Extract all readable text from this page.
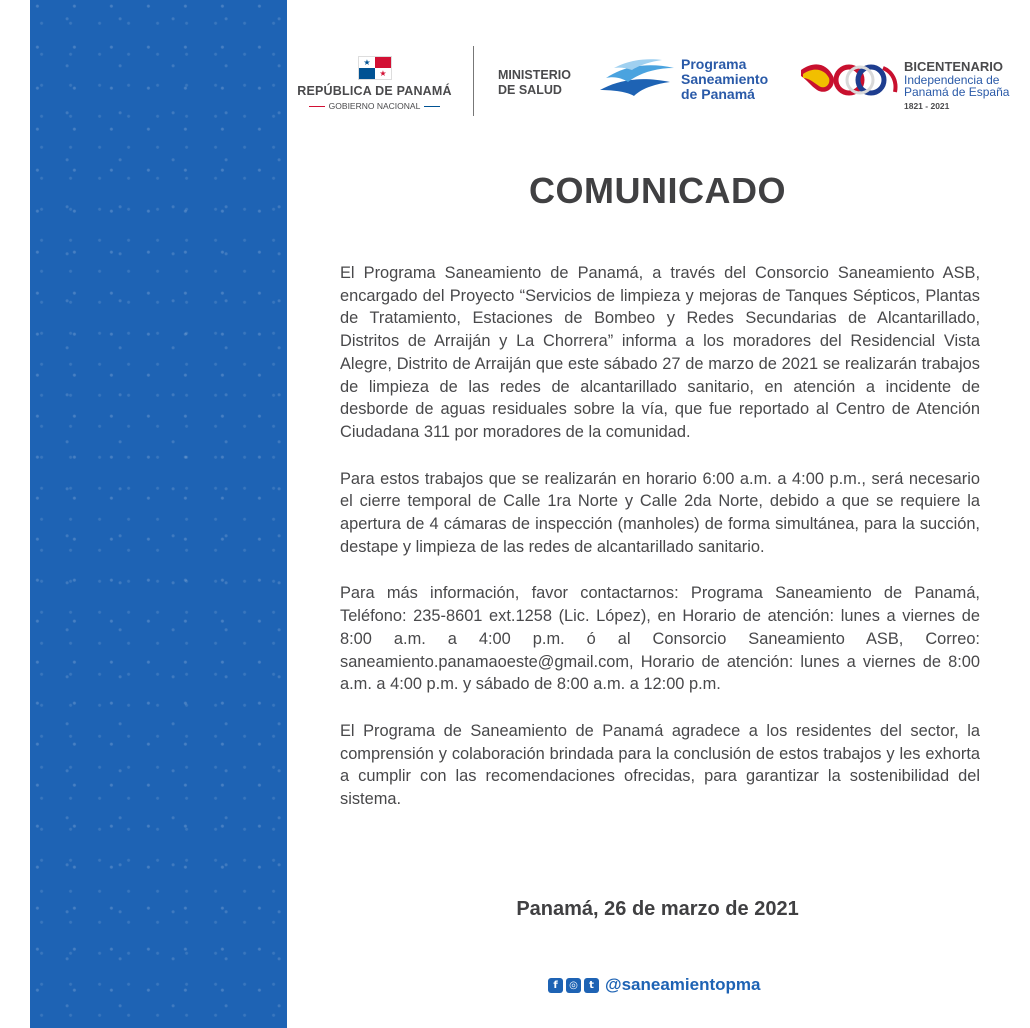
★
★
REPÚBLICA DE PANAMÁ
GOBIERNO NACIONAL
MINISTERIO
DE SALUD
Programa
Saneamiento
de Panamá
BICENTENARIO
Independencia de
Panamá de España
1821 - 2021
COMUNICADO

El Programa Saneamiento de Panamá, a través del Consorcio Saneamiento ASB, encargado del Proyecto “Servicios de limpieza y mejoras de Tanques Sépticos, Plantas de Tratamiento, Estaciones de Bombeo y Redes Secundarias de Alcantarillado, Distritos de Arraiján y La Chorrera” informa a los moradores del Residencial Vista Alegre, Distrito de Arraiján que este sábado 27 de marzo de 2021 se realizarán trabajos de limpieza de las redes de alcantarillado sanitario, en atención a incidente de desborde de aguas residuales sobre la vía, que fue reportado al Centro de Atención Ciudadana 311 por moradores de la comunidad.

Para estos trabajos que se realizarán en horario 6:00 a.m. a 4:00 p.m., será necesario el cierre temporal de Calle 1ra Norte y Calle 2da Norte, debido a que se requiere la apertura de 4 cámaras de inspección (manholes) de forma simultánea, para la succión, destape y limpieza de las redes de alcantarillado sanitario.

Para más información, favor contactarnos: Programa Saneamiento de Panamá, Teléfono: 235-8601 ext.1258 (Lic. López), en Horario de atención: lunes a viernes de 8:00 a.m. a 4:00 p.m. ó al Consorcio Saneamiento ASB, Correo: saneamiento.panamaoeste@gmail.com, Horario de atención: lunes a viernes de 8:00 a.m. a 4:00 p.m. y sábado de 8:00 a.m. a 12:00 p.m.

El Programa de Saneamiento de Panamá agradece a los residentes del sector, la comprensión y colaboración brindada para la conclusión de estos trabajos y les exhorta a cumplir con las recomendaciones ofrecidas, para garantizar la sostenibilidad del sistema.

Panamá, 26 de marzo de 2021
f	◎	t @saneamientopma
